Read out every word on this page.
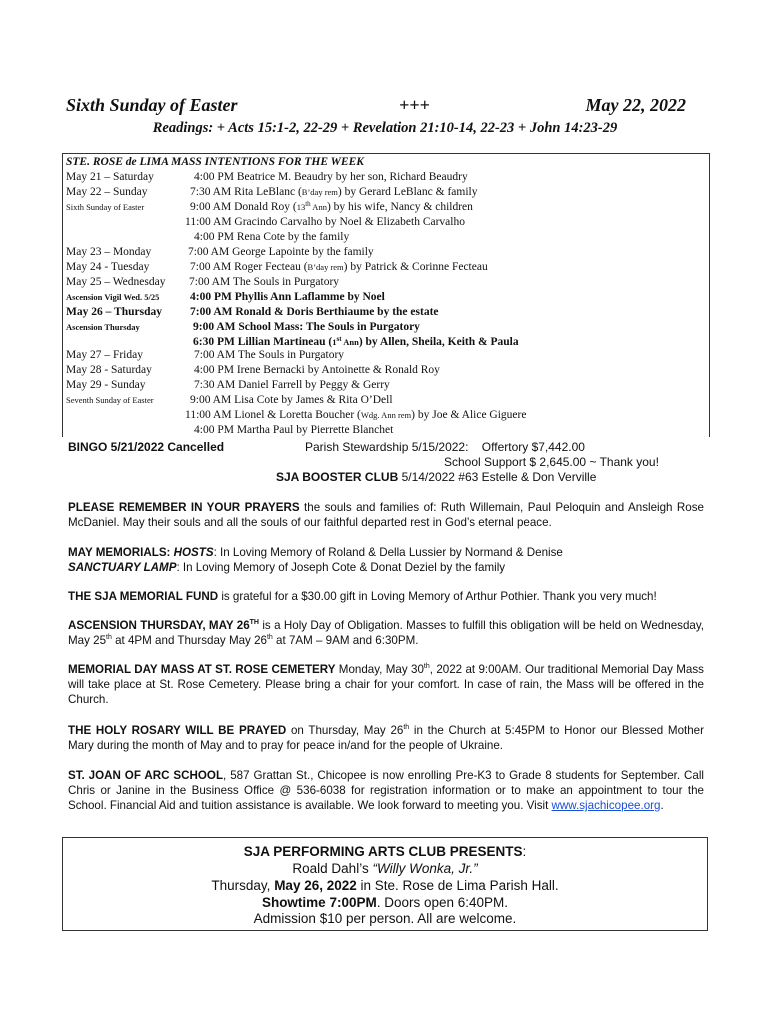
Sixth Sunday of Easter	+++	May 22, 2022
Readings: + Acts 15:1-2, 22-29 + Revelation 21:10-14, 22-23 + John 14:23-29
STE. ROSE de LIMA MASS INTENTIONS FOR THE WEEK
May 21 – Saturday	4:00 PM Beatrice M. Beaudry by her son, Richard Beaudry
May 22 – Sunday	7:30 AM Rita LeBlanc (B’day rem) by Gerard LeBlanc & family
Sixth Sunday of Easter	9:00 AM Donald Roy (13th Ann) by his wife, Nancy & children
11:00 AM Gracindo Carvalho by Noel & Elizabeth Carvalho
4:00 PM Rena Cote by the family
May 23 – Monday	7:00 AM George Lapointe by the family
May 24 - Tuesday	7:00 AM Roger Fecteau (B’day rem) by Patrick & Corinne Fecteau
May 25 – Wednesday 7:00 AM The Souls in Purgatory
Ascension Vigil Wed. 5/25	4:00 PM Phyllis Ann Laflamme by Noel
May 26 – Thursday 7:00 AM Ronald & Doris Berthiaume by the estate
Ascension Thursday	9:00 AM School Mass: The Souls in Purgatory
6:30 PM Lillian Martineau (1st Ann) by Allen, Sheila, Keith & Paula
May 27 – Friday	7:00 AM The Souls in Purgatory
May 28 - Saturday	4:00 PM Irene Bernacki by Antoinette & Ronald Roy
May 29 - Sunday	7:30 AM Daniel Farrell by Peggy & Gerry
Seventh Sunday of Easter	9:00 AM Lisa Cote by James & Rita O’Dell
11:00 AM Lionel & Loretta Boucher (Wdg. Ann rem) by Joe & Alice Giguere
4:00 PM Martha Paul by Pierrette Blanchet
BINGO 5/21/2022 Cancelled	Parish Stewardship 5/15/2022: Offertory $7,442.00
School Support $ 2,645.00 ~ Thank you!
SJA BOOSTER CLUB 5/14/2022 #63 Estelle & Don Verville
PLEASE REMEMBER IN YOUR PRAYERS the souls and families of: Ruth Willemain, Paul Peloquin and Ansleigh Rose McDaniel. May their souls and all the souls of our faithful departed rest in God’s eternal peace.
MAY MEMORIALS: HOSTS: In Loving Memory of Roland & Della Lussier by Normand & Denise
SANCTUARY LAMP: In Loving Memory of Joseph Cote & Donat Deziel by the family
THE SJA MEMORIAL FUND is grateful for a $30.00 gift in Loving Memory of Arthur Pothier. Thank you very much!
ASCENSION THURSDAY, MAY 26TH is a Holy Day of Obligation. Masses to fulfill this obligation will be held on Wednesday, May 25th at 4PM and Thursday May 26th at 7AM – 9AM and 6:30PM.
MEMORIAL DAY MASS AT ST. ROSE CEMETERY Monday, May 30th, 2022 at 9:00AM. Our traditional Memorial Day Mass will take place at St. Rose Cemetery. Please bring a chair for your comfort. In case of rain, the Mass will be offered in the Church.
THE HOLY ROSARY WILL BE PRAYED on Thursday, May 26th in the Church at 5:45PM to Honor our Blessed Mother Mary during the month of May and to pray for peace in/and for the people of Ukraine.
ST. JOAN OF ARC SCHOOL, 587 Grattan St., Chicopee is now enrolling Pre-K3 to Grade 8 students for September. Call Chris or Janine in the Business Office @ 536-6038 for registration information or to make an appointment to tour the School. Financial Aid and tuition assistance is available. We look forward to meeting you. Visit www.sjachicopee.org.
SJA PERFORMING ARTS CLUB PRESENTS:
Roald Dahl’s “Willy Wonka, Jr.”
Thursday, May 26, 2022 in Ste. Rose de Lima Parish Hall.
Showtime 7:00PM. Doors open 6:40PM.
Admission $10 per person. All are welcome.
